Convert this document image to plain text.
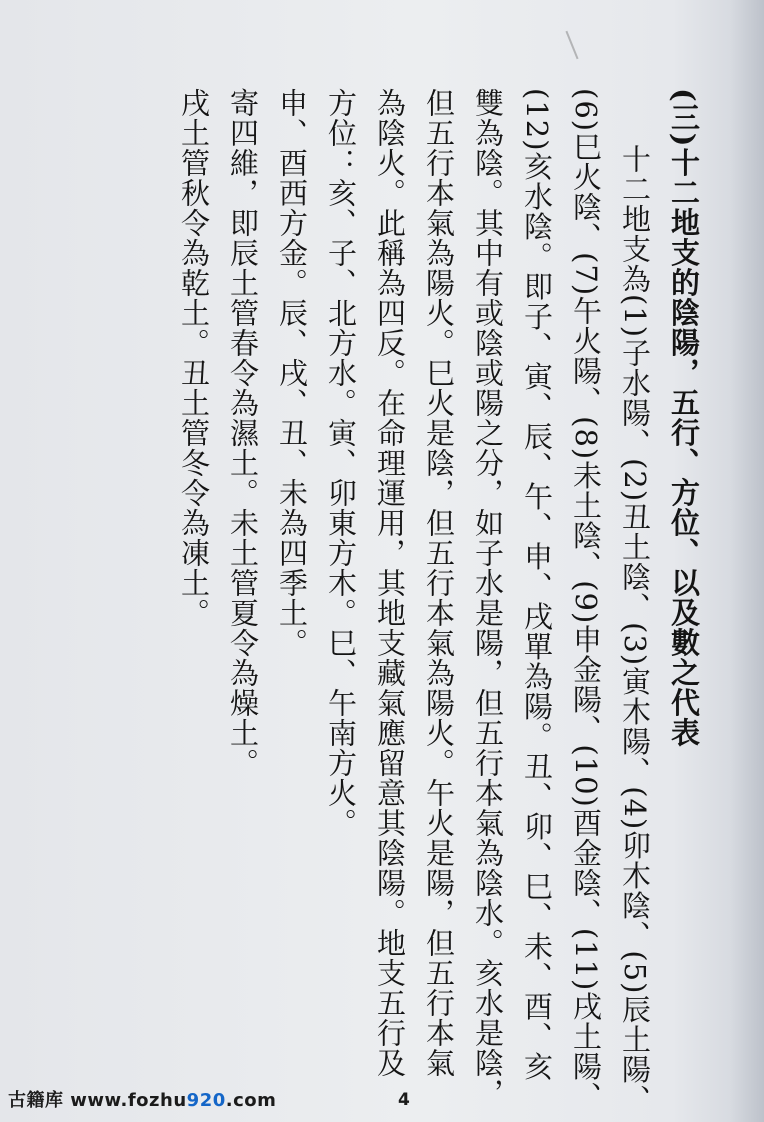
(三)十二地支的陰陽，五行、方位、以及數之代表
十二地支為(1)子水陽、(2)丑土陰、(3)寅木陽、(4)卯木陰、(5)辰土陽、
(6)巳火陰、(7)午火陽、(8)未土陰、(9)申金陽、(10)酉金陰、(11)戌土陽、
(12)亥水陰。即子、寅、辰、午、申、戌單為陽。丑、卯、巳、未、酉、亥
雙為陰。其中有或陰或陽之分，如子水是陽，但五行本氣為陰水。亥水是陰，
但五行本氣為陽火。巳火是陰，但五行本氣為陽火。午火是陽，但五行本氣
為陰火。此稱為四反。在命理運用，其地支藏氣應留意其陰陽。地支五行及
方位：亥、子、北方水。寅、卯東方木。巳、午南方火。
申、酉西方金。辰、戌、丑、未為四季土。
寄四維，即辰土管春令為濕土。未土管夏令為燥土。
戌土管秋令為乾土。丑土管冬令為凍土。
古籍库 www.fozhu920.com	4
